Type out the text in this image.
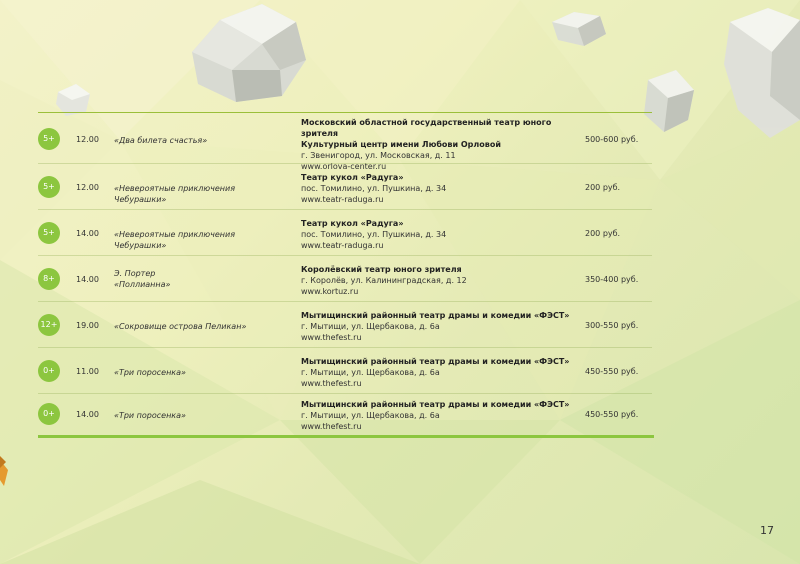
5+	12.00 «Два билета счастья»
Московский областной государственный театр юного зрителя
Культурный центр имени Любови Орловой
г. Звенигород, ул. Московская, д. 11
www.orlova-center.ru
500-600 руб.
5+	12.00 «Невероятные приключения Чебурашки»
Театр кукол «Радуга»
пос. Томилино, ул. Пушкина, д. 34
www.teatr-raduga.ru
200 руб.
5+	14.00 «Невероятные приключения Чебурашки»
Театр кукол «Радуга»
пос. Томилино, ул. Пушкина, д. 34
www.teatr-raduga.ru
200 руб.
8+	14.00
Э. Портер
«Поллианна»
Королёвский театр юного зрителя
г. Королёв, ул. Калининградская, д. 12
www.kortuz.ru
350-400 руб.
12+	19.00 «Сокровище острова Пеликан»
Мытищинский районный театр драмы и комедии «ФЭСТ»
г. Мытищи, ул. Щербакова, д. 6а
www.thefest.ru
300-550 руб.
0+	11.00 «Три поросенка»
Мытищинский районный театр драмы и комедии «ФЭСТ»
г. Мытищи, ул. Щербакова, д. 6а
www.thefest.ru
450-550 руб.
0+	14.00 «Три поросенка»
Мытищинский районный театр драмы и комедии «ФЭСТ»
г. Мытищи, ул. Щербакова, д. 6а
www.thefest.ru
450-550 руб.
17
